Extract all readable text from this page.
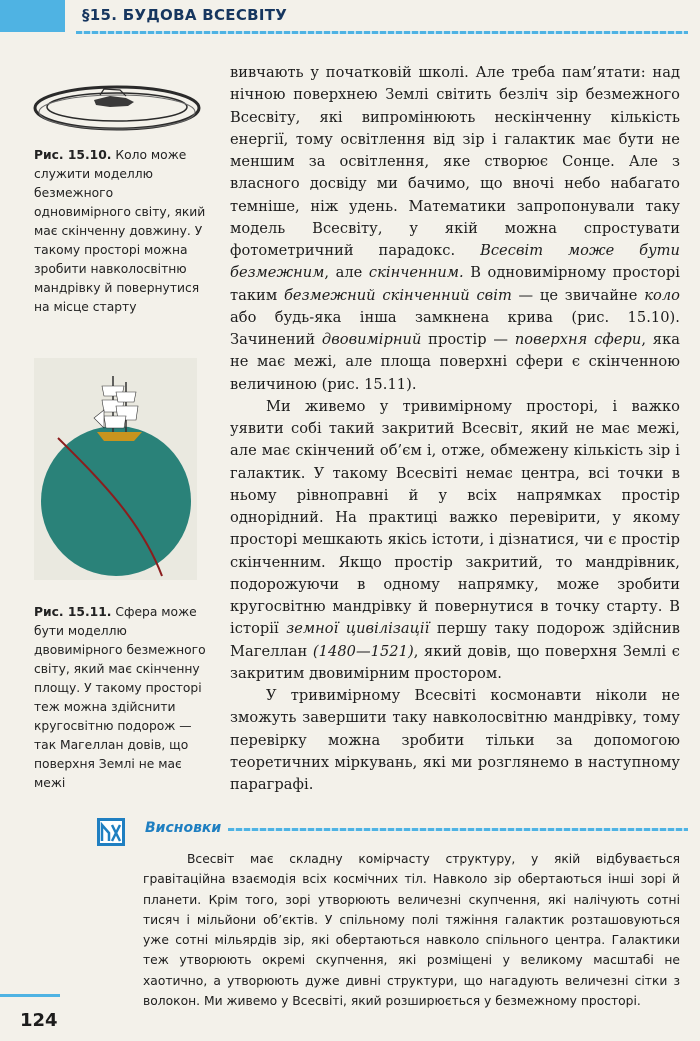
§15. БУДОВА ВСЕСВІТУ
Рис. 15.10. Коло може служити моделлю безмежного одновимірного світу, який має скінченну довжину. У такому просторі можна зробити навколосвітню мандрівку й повернутися на місце старту
Рис. 15.11. Сфера може бути моделлю двовимірного безмежного світу, який має скінченну площу. У такому просторі теж можна здійснити кругосвітню подорож — так Магеллан довів, що поверхня Землі не має межі

вивчають у початковій школі. Але треба пам’ятати: над нічною поверхнею Землі світить безліч зір безмежного Всесвіту, які випромінюють нескінченну кількість енергії, тому освітлення від зір і галактик має бути не меншим за освітлення, яке створює Сонце. Але з власного досвіду ми бачимо, що вночі небо набагато темніше, ніж удень. Математики запропонували таку модель Всесвіту, у якій можна спростувати фотометричний парадокс. Всесвіт може бути безмежним, але скінченним. В одновимірному просторі таким безмежний скінченний світ — це звичайне коло або будь-яка інша замкнена крива (рис. 15.10). Зачинений двовимірний простір — поверхня сфери, яка не має межі, але площа поверхні сфери є скінченною величиною (рис. 15.11).

Ми живемо у тривимірному просторі, і важко уявити собі такий закритий Всесвіт, який не має межі, але має скінчений об’єм і, отже, обмежену кількість зір і галактик. У такому Всесвіті немає центра, всі точки в ньому рівноправні й у всіх напрямках простір однорідний. На практиці важко перевірити, у якому просторі мешкають якісь істоти, і дізнатися, чи є простір скінченним. Якщо простір закритий, то мандрівник, подорожуючи в одному напрямку, може зробити кругосвітню мандрівку й повернутися в точку старту. В історії земної цивілізації першу таку подорож здійснив Магеллан (1480—1521), який довів, що поверхня Землі є закритим двовимірним простором.

У тривимірному Всесвіті космонавти ніколи не зможуть завершити таку навколосвітню мандрівку, тому перевірку можна зробити тільки за допомогою теоретичних міркувань, які ми розглянемо в наступному параграфі.

Висновки

Всесвіт має складну комірчасту структуру, у якій відбувається гравітаційна взаємодія всіх космічних тіл. Навколо зір обертаються інші зорі й планети. Крім того, зорі утворюють величезні скупчення, які налічують сотні тисяч і мільйони об’єктів. У спільному полі тяжіння галактик розташовуються уже сотні мільярдів зір, які обертаються навколо спільного центра. Галактики теж утворюють окремі скупчення, які розміщені у великому масштабі не хаотично, а утворюють дуже дивні структури, що нагадують величезні сітки з волокон. Ми живемо у Всесвіті, який розширюється у безмежному просторі.

124
